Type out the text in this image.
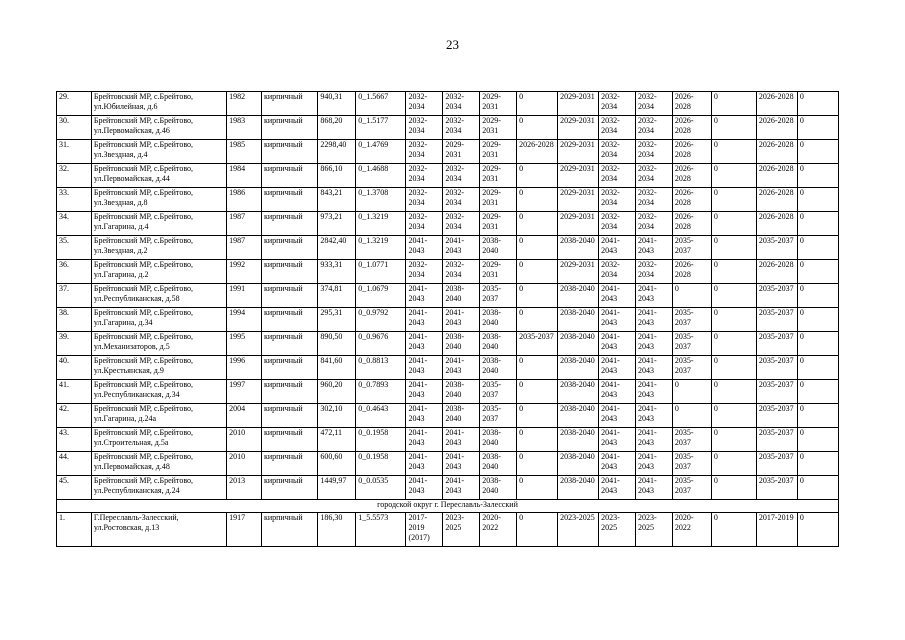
23
29.	Брейтовский МР, с.Брейтово,
ул.Юбилейная, д.6	1982	кирпичный	940,31	0_1.5667	2032-2034	2032-2034	2029-2031	0	2029-2031	2032-2034	2032-2034	2026-2028	0	2026-2028	0
30.	Брейтовский МР, с.Брейтово,
ул.Первомайская, д.46	1983	кирпичный	868,20	0_1.5177	2032-2034	2032-2034	2029-2031	0	2029-2031	2032-2034	2032-2034	2026-2028	0	2026-2028	0
31.	Брейтовский МР, с.Брейтово,
ул.Звездная, д.4	1985	кирпичный	2298,40	0_1.4769	2032-2034	2029-2031	2029-2031	2026-2028	2029-2031	2032-2034	2032-2034	2026-2028	0	2026-2028	0
32.	Брейтовский МР, с.Брейтово,
ул.Первомайская, д.44	1984	кирпичный	866,10	0_1.4688	2032-2034	2032-2034	2029-2031	0	2029-2031	2032-2034	2032-2034	2026-2028	0	2026-2028	0
33.	Брейтовский МР, с.Брейтово,
ул.Звездная, д.8	1986	кирпичный	843,21	0_1.3708	2032-2034	2032-2034	2029-2031	0	2029-2031	2032-2034	2032-2034	2026-2028	0	2026-2028	0
34.	Брейтовский МР, с.Брейтово,
ул.Гагарина, д.4	1987	кирпичный	973,21	0_1.3219	2032-2034	2032-2034	2029-2031	0	2029-2031	2032-2034	2032-2034	2026-2028	0	2026-2028	0
35.	Брейтовский МР, с.Брейтово,
ул.Звездная, д.2	1987	кирпичный	2842,40	0_1.3219	2041-2043	2041-2043	2038-2040	0	2038-2040	2041-2043	2041-2043	2035-2037	0	2035-2037	0
36.	Брейтовский МР, с.Брейтово,
ул.Гагарина, д.2	1992	кирпичный	933,31	0_1.0771	2032-2034	2032-2034	2029-2031	0	2029-2031	2032-2034	2032-2034	2026-2028	0	2026-2028	0
37.	Брейтовский МР, с.Брейтово,
ул.Республиканская, д.58	1991	кирпичный	374,81	0_1.0679	2041-2043	2038-2040	2035-2037	0	2038-2040	2041-2043	2041-2043	0	0	2035-2037	0
38.	Брейтовский МР, с.Брейтово,
ул.Гагарина, д.34	1994	кирпичный	295,31	0_0.9792	2041-2043	2041-2043	2038-2040	0	2038-2040	2041-2043	2041-2043	2035-2037	0	2035-2037	0
39.	Брейтовский МР, с.Брейтово,
ул.Механизаторов, д.5	1995	кирпичный	890,50	0_0.9676	2041-2043	2038-2040	2038-2040	2035-2037	2038-2040	2041-2043	2041-2043	2035-2037	0	2035-2037	0
40.	Брейтовский МР, с.Брейтово,
ул.Крестьянская, д.9	1996	кирпичный	841,60	0_0.8813	2041-2043	2041-2043	2038-2040	0	2038-2040	2041-2043	2041-2043	2035-2037	0	2035-2037	0
41.	Брейтовский МР, с.Брейтово,
ул.Республиканская, д.34	1997	кирпичный	960,20	0_0.7893	2041-2043	2038-2040	2035-2037	0	2038-2040	2041-2043	2041-2043	0	0	2035-2037	0
42.	Брейтовский МР, с.Брейтово,
ул.Гагарина, д.24а	2004	кирпичный	302,10	0_0.4643	2041-2043	2038-2040	2035-2037	0	2038-2040	2041-2043	2041-2043	0	0	2035-2037	0
43.	Брейтовский МР, с.Брейтово,
ул.Строительная, д.5а	2010	кирпичный	472,11	0_0.1958	2041-2043	2041-2043	2038-2040	0	2038-2040	2041-2043	2041-2043	2035-2037	0	2035-2037	0
44.	Брейтовский МР, с.Брейтово,
ул.Первомайская, д.48	2010	кирпичный	600,60	0_0.1958	2041-2043	2041-2043	2038-2040	0	2038-2040	2041-2043	2041-2043	2035-2037	0	2035-2037	0
45.	Брейтовский МР, с.Брейтово,
ул.Республиканская, д.24	2013	кирпичный	1449,97	0_0.0535	2041-2043	2041-2043	2038-2040	0	2038-2040	2041-2043	2041-2043	2035-2037	0	2035-2037	0
городской округ г. Переславль-Залесский																
1.	Г.Переславль-Залесский,
ул.Ростовская, д.13	1917	кирпичный	186,30	1_5.5573	2017-2019 (2017)	2023-2025	2020-2022	0	2023-2025	2023-2025	2023-2025	2020-2022	0	2017-2019	0
